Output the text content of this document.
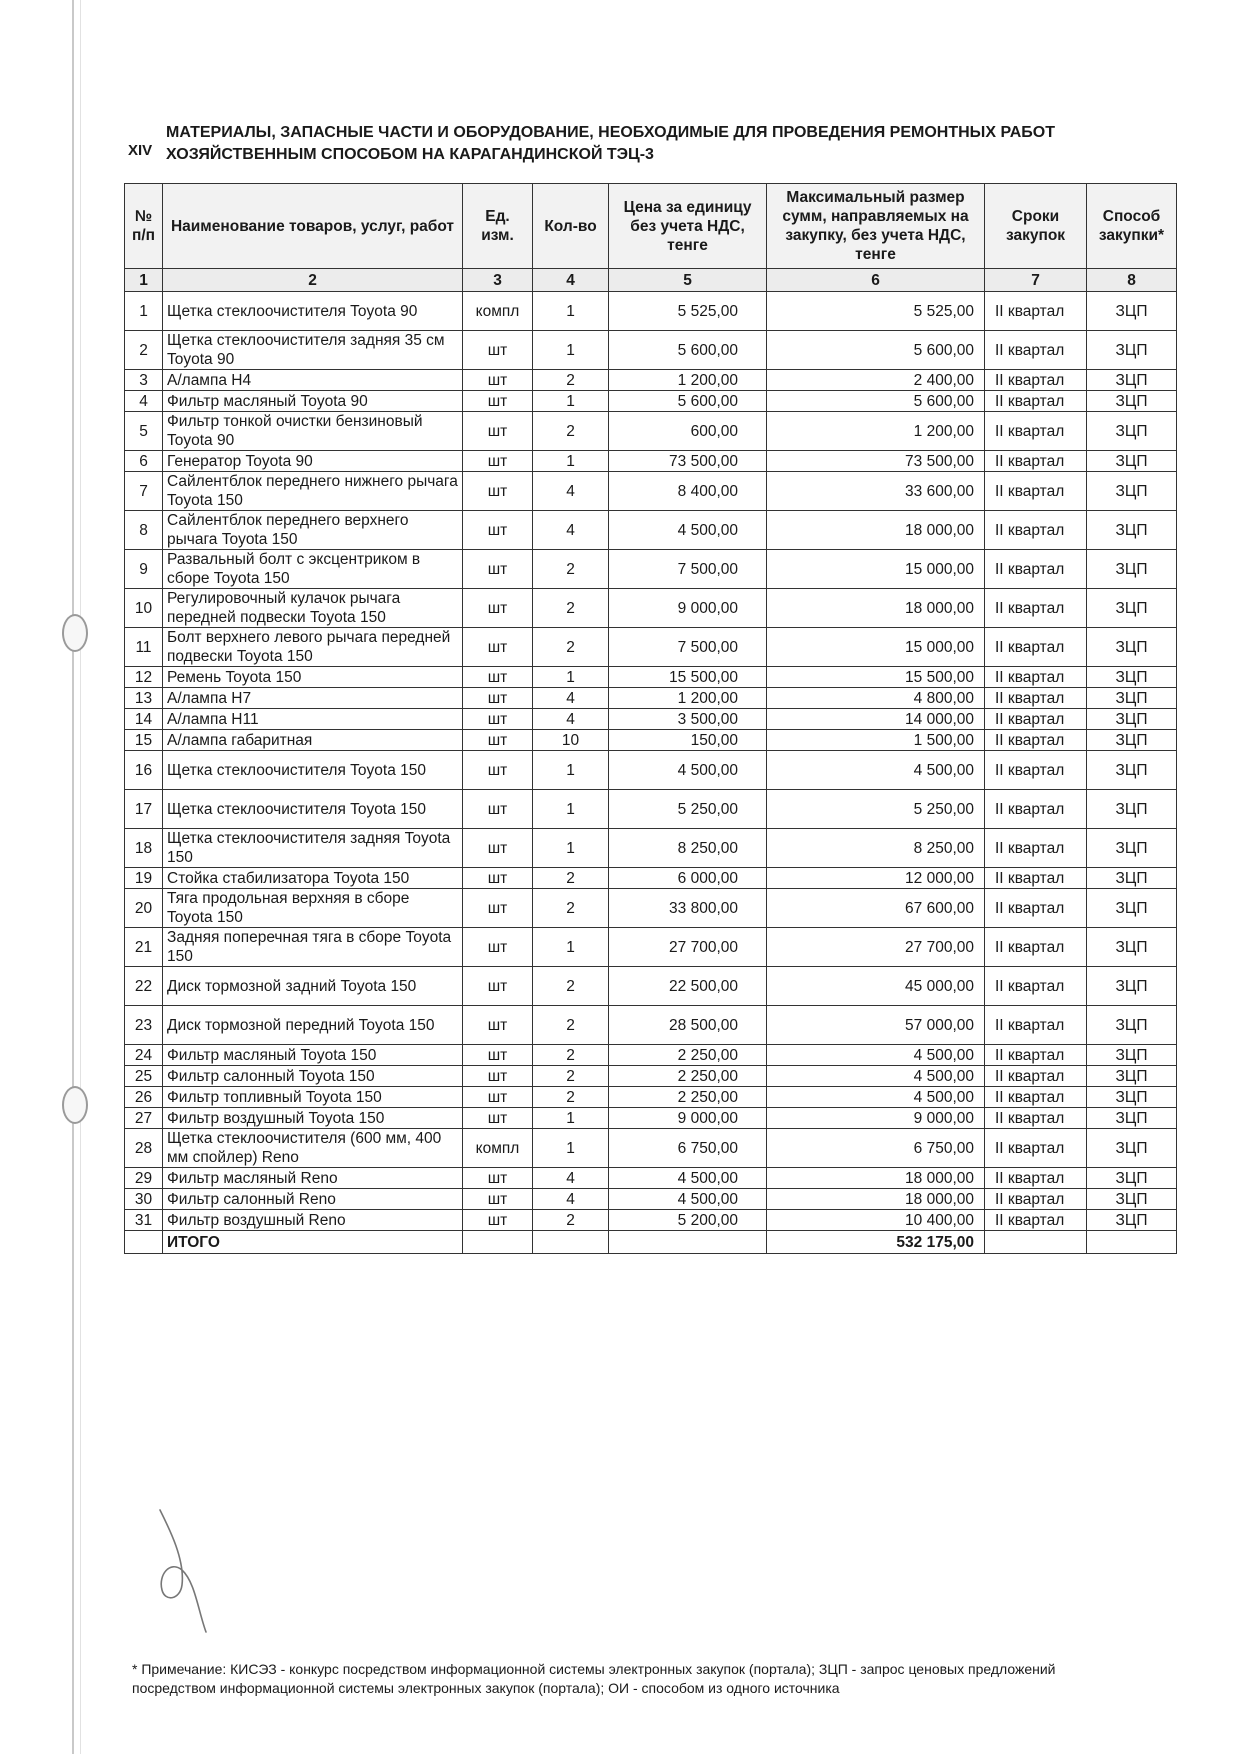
XIV
МАТЕРИАЛЫ, ЗАПАСНЫЕ ЧАСТИ И ОБОРУДОВАНИЕ, НЕОБХОДИМЫЕ ДЛЯ ПРОВЕДЕНИЯ РЕМОНТНЫХ РАБОТ
ХОЗЯЙСТВЕННЫМ СПОСОБОМ НА КАРАГАНДИНСКОЙ ТЭЦ-3
№ п/п	Наименование товаров, услуг, работ	Ед. изм.	Кол-во	Цена за единицу без учета НДС, тенге	Максимальный размер сумм, направляемых на закупку, без учета НДС, тенге	Сроки закупок	Способ закупки*
1	2	3	4	5	6	7	8
1	Щетка стеклоочистителя Toyota 90	компл	1	5 525,00	5 525,00	II квартал	ЗЦП
2	Щетка стеклоочистителя задняя 35 см Toyota 90	шт	1	5 600,00	5 600,00	II квартал	ЗЦП
3	А/лампа Н4	шт	2	1 200,00	2 400,00	II квартал	ЗЦП
4	Фильтр масляный Toyota 90	шт	1	5 600,00	5 600,00	II квартал	ЗЦП
5	Фильтр тонкой очистки бензиновый Toyota 90	шт	2	600,00	1 200,00	II квартал	ЗЦП
6	Генератор Toyota 90	шт	1	73 500,00	73 500,00	II квартал	ЗЦП
7	Сайлентблок переднего нижнего рычага Toyota 150	шт	4	8 400,00	33 600,00	II квартал	ЗЦП
8	Сайлентблок переднего верхнего рычага Toyota 150	шт	4	4 500,00	18 000,00	II квартал	ЗЦП
9	Развальный болт с эксцентриком в сборе Toyota 150	шт	2	7 500,00	15 000,00	II квартал	ЗЦП
10	Регулировочный кулачок рычага передней подвески Toyota 150	шт	2	9 000,00	18 000,00	II квартал	ЗЦП
11	Болт верхнего левого рычага передней подвески Toyota 150	шт	2	7 500,00	15 000,00	II квартал	ЗЦП
12	Ремень Toyota 150	шт	1	15 500,00	15 500,00	II квартал	ЗЦП
13	А/лампа Н7	шт	4	1 200,00	4 800,00	II квартал	ЗЦП
14	А/лампа Н11	шт	4	3 500,00	14 000,00	II квартал	ЗЦП
15	А/лампа габаритная	шт	10	150,00	1 500,00	II квартал	ЗЦП
16	Щетка стеклоочистителя Toyota 150	шт	1	4 500,00	4 500,00	II квартал	ЗЦП
17	Щетка стеклоочистителя Toyota 150	шт	1	5 250,00	5 250,00	II квартал	ЗЦП
18	Щетка стеклоочистителя задняя Toyota 150	шт	1	8 250,00	8 250,00	II квартал	ЗЦП
19	Стойка стабилизатора Toyota 150	шт	2	6 000,00	12 000,00	II квартал	ЗЦП
20	Тяга продольная верхняя в сборе Toyota 150	шт	2	33 800,00	67 600,00	II квартал	ЗЦП
21	Задняя поперечная тяга в сборе Toyota 150	шт	1	27 700,00	27 700,00	II квартал	ЗЦП
22	Диск тормозной задний Toyota 150	шт	2	22 500,00	45 000,00	II квартал	ЗЦП
23	Диск тормозной передний Toyota 150	шт	2	28 500,00	57 000,00	II квартал	ЗЦП
24	Фильтр масляный Toyota 150	шт	2	2 250,00	4 500,00	II квартал	ЗЦП
25	Фильтр салонный Toyota 150	шт	2	2 250,00	4 500,00	II квартал	ЗЦП
26	Фильтр топливный Toyota 150	шт	2	2 250,00	4 500,00	II квартал	ЗЦП
27	Фильтр воздушный Toyota 150	шт	1	9 000,00	9 000,00	II квартал	ЗЦП
28	Щетка стеклоочистителя (600 мм, 400 мм спойлер) Reno	компл	1	6 750,00	6 750,00	II квартал	ЗЦП
29	Фильтр масляный Reno	шт	4	4 500,00	18 000,00	II квартал	ЗЦП
30	Фильтр салонный Reno	шт	4	4 500,00	18 000,00	II квартал	ЗЦП
31	Фильтр воздушный Reno	шт	2	5 200,00	10 400,00	II квартал	ЗЦП
	ИТОГО				532 175,00		
* Примечание: КИСЭЗ - конкурс посредством информационной системы электронных закупок (портала); ЗЦП - запрос ценовых предложений посредством информационной системы электронных закупок (портала); ОИ - способом из одного источника
